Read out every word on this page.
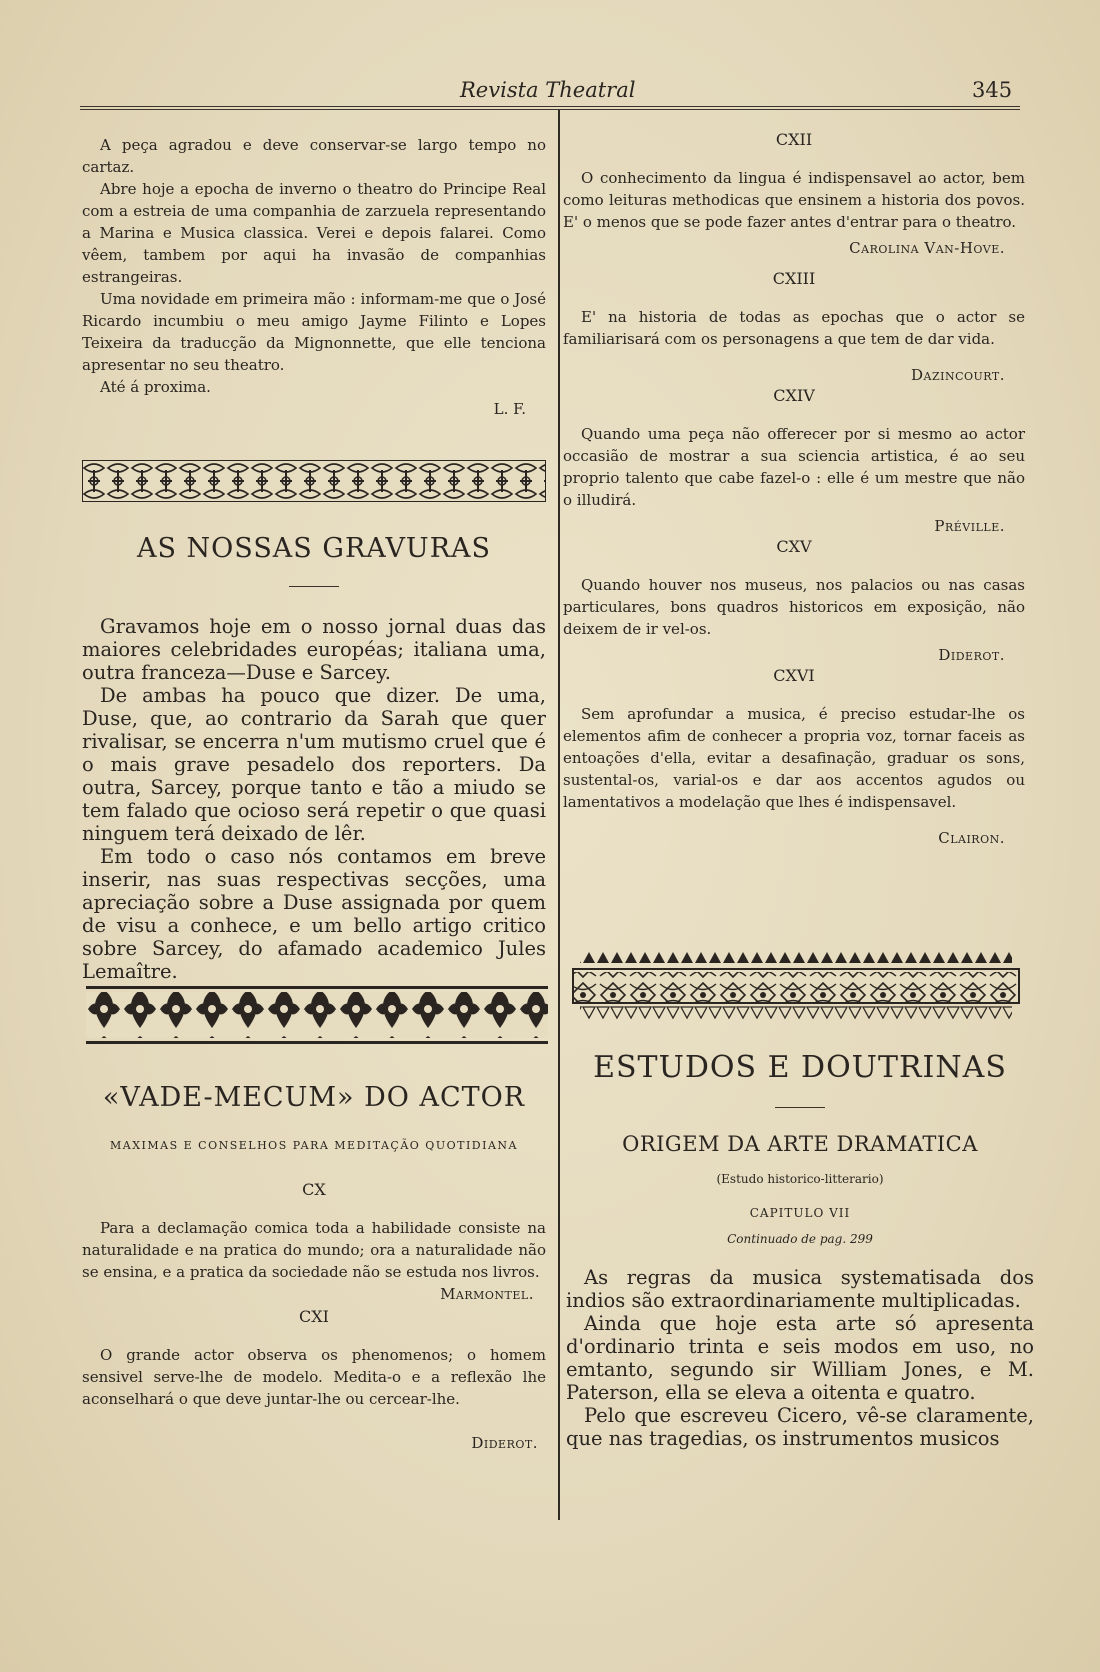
Revista Theatral	345

A peça agradou e deve conservar-se largo tempo no cartaz.

Abre hoje a epocha de inverno o theatro do Principe Real com a estreia de uma companhia de zarzuela representando a Marina e Musica classica. Verei e depois falarei. Como vêem, tambem por aqui ha invasão de companhias estrangeiras.

Uma novidade em primeira mão : informam-me que o José Ricardo incumbiu o meu amigo Jayme Filinto e Lopes Teixeira da traducção da Mignonnette, que elle tenciona apresentar no seu theatro.

Até á proxima.

L. F.

AS NOSSAS GRAVURAS

Gravamos hoje em o nosso jornal duas das maiores celebridades européas; italiana uma, outra franceza—Duse e Sarcey.

De ambas ha pouco que dizer. De uma, Duse, que, ao contrario da Sarah que quer rivalisar, se encerra n'um mutismo cruel que é o mais grave pesadelo dos reporters. Da outra, Sarcey, porque tanto e tão a miudo se tem falado que ocioso será repetir o que quasi ninguem terá deixado de lêr.

Em todo o caso nós contamos em breve inserir, nas suas respectivas secções, uma apreciação sobre a Duse assignada por quem de visu a conhece, e um bello artigo critico sobre Sarcey, do afamado academico Jules Lemaître.

«VADE-MECUM» DO ACTOR
MAXIMAS E CONSELHOS PARA MEDITAÇÃO QUOTIDIANA
CX

Para a declamação comica toda a habilidade consiste na naturalidade e na pratica do mundo; ora a naturalidade não se ensina, e a pratica da sociedade não se estuda nos livros.

Marmontel.

CXI

O grande actor observa os phenomenos; o homem sensivel serve-lhe de modelo. Medita-o e a reflexão lhe aconselhará o que deve juntar-lhe ou cercear-lhe.

Diderot.

CXII

O conhecimento da lingua é indispensavel ao actor, bem como leituras methodicas que ensinem a historia dos povos. E' o menos que se pode fazer antes d'entrar para o theatro.

Carolina Van-Hove.

CXIII

E' na historia de todas as epochas que o actor se familiarisará com os personagens a que tem de dar vida.

Dazincourt.

CXIV

Quando uma peça não offerecer por si mesmo ao actor occasião de mostrar a sua sciencia artistica, é ao seu proprio talento que cabe fazel-o : elle é um mestre que não o illudirá.

Préville.

CXV

Quando houver nos museus, nos palacios ou nas casas particulares, bons quadros historicos em exposição, não deixem de ir vel-os.

Diderot.

CXVI

Sem aprofundar a musica, é preciso estudar-lhe os elementos afim de conhecer a propria voz, tornar faceis as entoações d'ella, evitar a desafinação, graduar os sons, sustental-os, varial-os e dar aos accentos agudos ou lamentativos a modelação que lhes é indispensavel.

Clairon.

ESTUDOS E DOUTRINAS
ORIGEM DA ARTE DRAMATICA
(Estudo historico-litterario)
CAPITULO VII
Continuado de pag. 299

As regras da musica systematisada dos indios são extraordinariamente multiplicadas.

Ainda que hoje esta arte só apresenta d'ordinario trinta e seis modos em uso, no emtanto, segundo sir William Jones, e M. Paterson, ella se eleva a oitenta e quatro.

Pelo que escreveu Cicero, vê-se claramente, que nas tragedias, os instrumentos musicos
